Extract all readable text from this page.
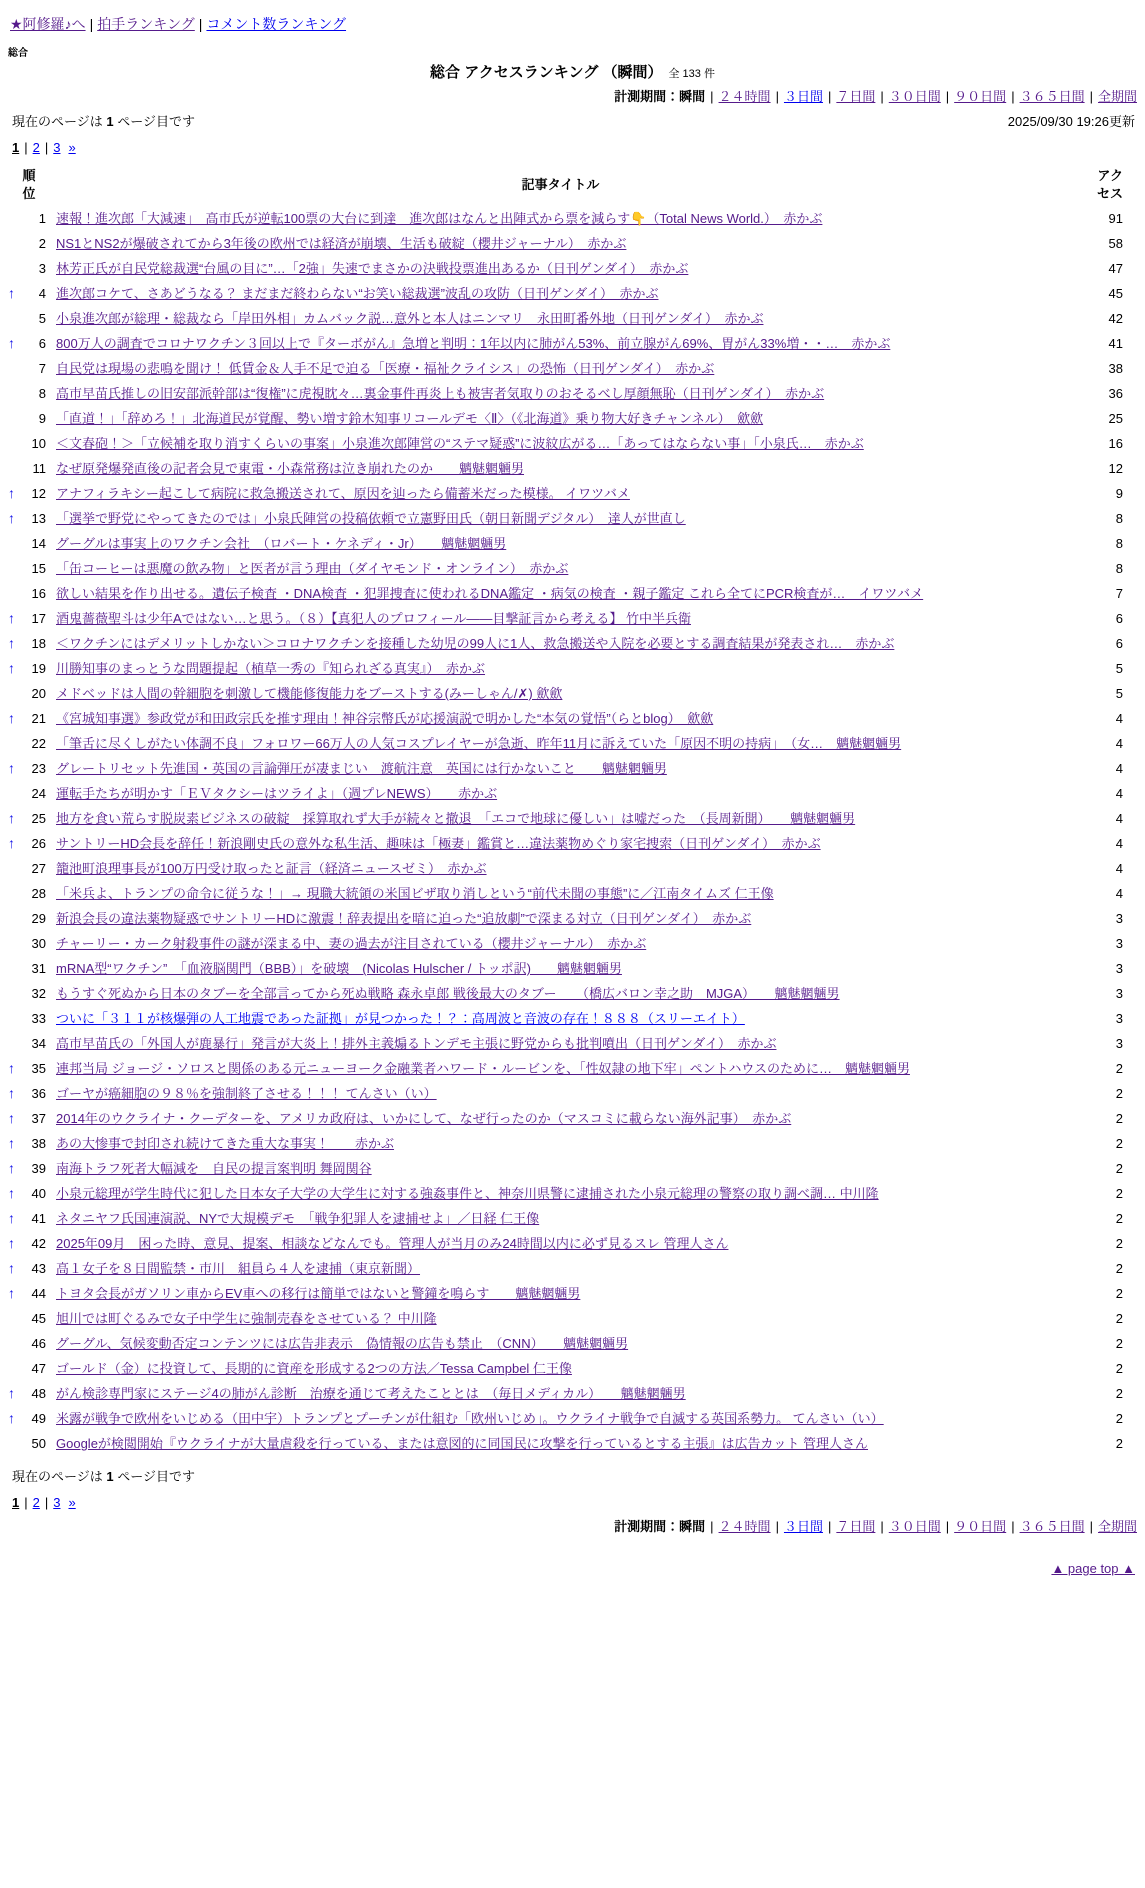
★阿修羅♪へ | 拍手ランキング | コメント数ランキング
総合
総合 アクセスランキング （瞬間） 全 133 件
計測期間：瞬間 | ２４時間 | ３日間 | ７日間 | ３０日間 | ９０日間 | ３６５日間 | 全期間
現在のページは 1 ページ目です	2025/09/30 19:26更新
1 | 2 | 3 »
順
位	記事タイトル	アク
セス
1	速報！進次郎「大減速」　高市氏が逆転100票の大台に到達　進次郎はなんと出陣式から票を減らす👇（Total News World.）　赤かぶ	91
2	NS1とNS2が爆破されてから3年後の欧州では経済が崩壊、生活も破綻（櫻井ジャーナル）　赤かぶ	58
3	林芳正氏が自民党総裁選“台風の目に”…「2強」失速でまさかの決戦投票進出あるか（日刊ゲンダイ）　赤かぶ	47
↑ 4	進次郎コケて、さあどうなる？ まだまだ終わらない“お笑い総裁選”波乱の攻防（日刊ゲンダイ）　赤かぶ	45
5	小泉進次郎が総理・総裁なら「岸田外相」カムバック説…意外と本人はニンマリ　永田町番外地（日刊ゲンダイ）　赤かぶ	42
↑ 6	800万人の調査でコロナワクチン３回以上で『ターボがん』急増と判明：1年以内に肺がん53%、前立腺がん69%、胃がん33%増・・…　赤かぶ	41
7	自民党は現場の悲鳴を聞け！ 低賃金＆人手不足で迫る「医療・福祉クライシス」の恐怖（日刊ゲンダイ）　赤かぶ	38
8	高市早苗氏推しの旧安部派幹部は“復権”に虎視眈々…裏金事件再炎上も被害者気取りのおそるべし厚顔無恥（日刊ゲンダイ）　赤かぶ	36
9	「直道！」「辞めろ！」北海道民が覚醒、勢い増す鈴木知事リコールデモ〈Ⅱ〉（《北海道》乗り物大好きチャンネル）　歛歛	25
10	＜文春砲！＞「立候補を取り消すくらいの事案」小泉進次郎陣営の“ステマ疑惑”に波紋広がる…「あってはならない事」「小泉氏…　赤かぶ	16
11	なぜ原発爆発直後の記者会見で東電・小森常務は泣き崩れたのか　　魑魅魍魎男	12
↑ 12	アナフィラキシー起こして病院に救急搬送されて、原因を辿ったら備蓄米だった模様。 イワツバメ	9
↑ 13	「選挙で野党にやってきたのでは」小泉氏陣営の投稿依頼で立憲野田氏（朝日新聞デジタル）　達人が世直し	8
14	グーグルは事実上のワクチン会社　（ロバート・ケネディ・Jr）　　魑魅魍魎男	8
15	「缶コーヒーは悪魔の飲み物」と医者が言う理由（ダイヤモンド・オンライン）　赤かぶ	8
16	欲しい結果を作り出せる。遺伝子検査 ・DNA検査 ・犯罪捜査に使われるDNA鑑定 ・病気の検査 ・親子鑑定 これら全てにPCR検査が…　イワツバメ	7
↑ 17	酒鬼薔薇聖斗は少年Aではない…と思う。（８）【真犯人のプロフィール――目撃証言から考える】 竹中半兵衛	6
↑ 18	＜ワクチンにはデメリットしかない＞コロナワクチンを接種した幼児の99人に1人、救急搬送や入院を必要とする調査結果が発表され…　赤かぶ	6
↑ 19	川勝知事のまっとうな問題提起（植草一秀の『知られざる真実』）　赤かぶ	5
20	メドベッドは人間の幹細胞を刺激して機能修復能力をブーストする(みーしゃん/✗) 歛歛	5
↑ 21	《宮城知事選》参政党が和田政宗氏を推す理由！神谷宗幣氏が応援演説で明かした“本気の覚悟”（らとblog）　歛歛	4
22	「筆舌に尽くしがたい体調不良」フォロワー66万人の人気コスプレイヤーが急逝、昨年11月に訴えていた「原因不明の持病」　（女…　魑魅魍魎男	4
↑ 23	グレートリセット先進国・英国の言論弾圧が凄まじい　渡航注意　英国には行かないこと　　魑魅魍魎男	4
24	運転手たちが明かす「ＥＶタクシーはツライよ」（週プレNEWS）　　赤かぶ	4
↑ 25	地方を食い荒らす脱炭素ビジネスの破綻　採算取れず大手が続々と撤退　「エコで地球に優しい」は嘘だった　（長周新聞）　　魑魅魍魎男	4
↑ 26	サントリーHD会長を辞任！新浪剛史氏の意外な私生活、趣味は「極妻」鑑賞と…違法薬物めぐり家宅捜索（日刊ゲンダイ）　赤かぶ	4
27	籠池町浪理事長が100万円受け取ったと証言（経済ニュースゼミ）　赤かぶ	4
28	「米兵よ、トランプの命令に従うな！」→ 現職大統領の米国ビザ取り消しという“前代未聞の事態”に／江南タイムズ 仁王像	4
29	新浪会長の違法薬物疑惑でサントリーHDに激震！辞表提出を暗に迫った“追放劇”で深まる対立（日刊ゲンダイ）　赤かぶ	3
30	チャーリー・カーク射殺事件の謎が深まる中、妻の過去が注目されている（櫻井ジャーナル）　赤かぶ	3
31	mRNA型“ワクチン”　「血液脳関門（BBB）」を破壊　(Nicolas Hulscher / トッポ訳)　　魑魅魍魎男	3
32	もうすぐ死ぬから日本のタブーを全部言ってから死ぬ戦略 森永卓郎 戦後最大のタブー　　（橋広バロン幸之助　MJGA）　　魑魅魍魎男	3
33	ついに「３１１が核爆弾の人工地震であった証拠」が見つかった！？：高周波と音波の存在！８８８（スリーエイト）	3
34	高市早苗氏の「外国人が鹿暴行」発言が大炎上！排外主義煽るトンデモ主張に野党からも批判噴出（日刊ゲンダイ）　赤かぶ	3
↑ 35	連邦当局 ジョージ・ソロスと関係のある元ニューヨーク金融業者ハワード・ルービンを、「性奴隷の地下牢」ペントハウスのために…　魑魅魍魎男	2
↑ 36	ゴーヤが癌細胞の９８％を強制終了させる！！！ てんさい（い）	2
↑ 37	2014年のウクライナ・クーデターを、アメリカ政府は、いかにして、なぜ行ったのか（マスコミに載らない海外記事）　赤かぶ	2
↑ 38	あの大惨事で封印され続けてきた重大な事実！　　赤かぶ	2
↑ 39	南海トラフ死者大幅減を　自民の提言案判明 舞岡関谷	2
↑ 40	小泉元総理が学生時代に犯した日本女子大学の大学生に対する強姦事件と、神奈川県警に逮捕された小泉元総理の警察の取り調べ調… 中川隆	2
↑ 41	ネタニヤフ氏国連演説、NYで大規模デモ　「戦争犯罪人を逮捕せよ」／日経 仁王像	2
↑ 42	2025年09月　困った時、意見、提案、相談などなんでも。管理人が当月のみ24時間以内に必ず見るスレ 管理人さん	2
↑ 43	高１女子を８日間監禁・市川　組員ら４人を逮捕（東京新聞）	2
↑ 44	トヨタ会長がガソリン車からEV車への移行は簡単ではないと警鐘を鳴らす　　魑魅魍魎男	2
45	旭川では町ぐるみで女子中学生に強制売春をさせている？ 中川隆	2
46	グーグル、気候変動否定コンテンツには広告非表示　偽情報の広告も禁止　（CNN）　　魑魅魍魎男	2
47	ゴールド（金）に投資して、長期的に資産を形成する2つの方法／Tessa Campbel 仁王像	2
↑ 48	がん検診専門家にステージ4の肺がん診断　治療を通じて考えたこととは　（毎日メディカル）　　魑魅魍魎男	2
↑ 49	米露が戦争で欧州をいじめる（田中宇）トランプとプーチンが仕組む「欧州いじめ」。ウクライナ戦争で自滅する英国系勢力。 てんさい（い）	2
50	Googleが検閲開始『ウクライナが大量虐殺を行っている、または意図的に同国民に攻撃を行っているとする主張』は広告カット 管理人さん	2
現在のページは 1 ページ目です
1 | 2 | 3 »
計測期間：瞬間 | ２４時間 | ３日間 | ７日間 | ３０日間 | ９０日間 | ３６５日間 | 全期間
▲ page top ▲
